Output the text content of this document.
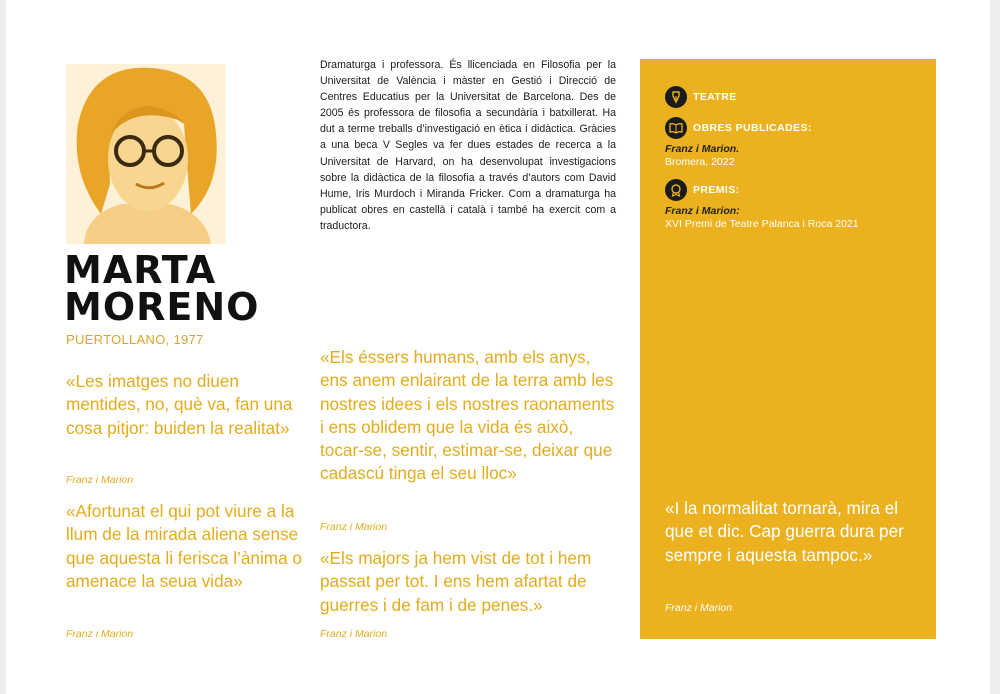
MARTA
MORENO
PUERTOLLANO, 1977
Dramaturga i professora. És llicenciada en Filosofia per la Universitat de València i màster en Gestió i Direcció de Centres Educatius per la Universitat de Barcelona. Des de 2005 és professora de filosofia a secundària i batxillerat. Ha dut a terme treballs d’investigació en ètica i didàctica. Gràcies a una beca V Segles va fer dues estades de recerca a la Universitat de Harvard, on ha desenvolupat investigacions sobre la didàctica de la filosofia a través d’autors com David Hume, Iris Murdoch i Miranda Fricker. Com a dramaturga ha publicat obres en castellà i català i també ha exercit com a traductora.
«Les imatges no diuen mentides, no, què va, fan una cosa pitjor: buiden la realitat»
Franz i Marion
«Afortunat el qui pot viure a la llum de la mirada aliena sense que aquesta li ferisca l’ànima o amenace la seua vida»
Franz i Marion
«Els éssers humans, amb els anys, ens anem enlairant de la terra amb les nostres idees i els nostres raonaments i ens oblidem que la vida és això, tocar-se, sentir, estimar-se, deixar que cadascú tinga el seu lloc»
Franz i Marion
«Els majors ja hem vist de tot i hem passat per tot. I ens hem afartat de guerres i de fam i de penes.»
Franz i Marion
TEATRE
OBRES PUBLICADES:
Franz i Marion.
Bromera, 2022
PREMIS:
Franz i Marion:
XVI Premi de Teatre Palanca i Roca 2021
«I la normalitat tornarà, mira el que et dic. Cap guerra dura per sempre i aquesta tampoc.»
Franz i Marion
